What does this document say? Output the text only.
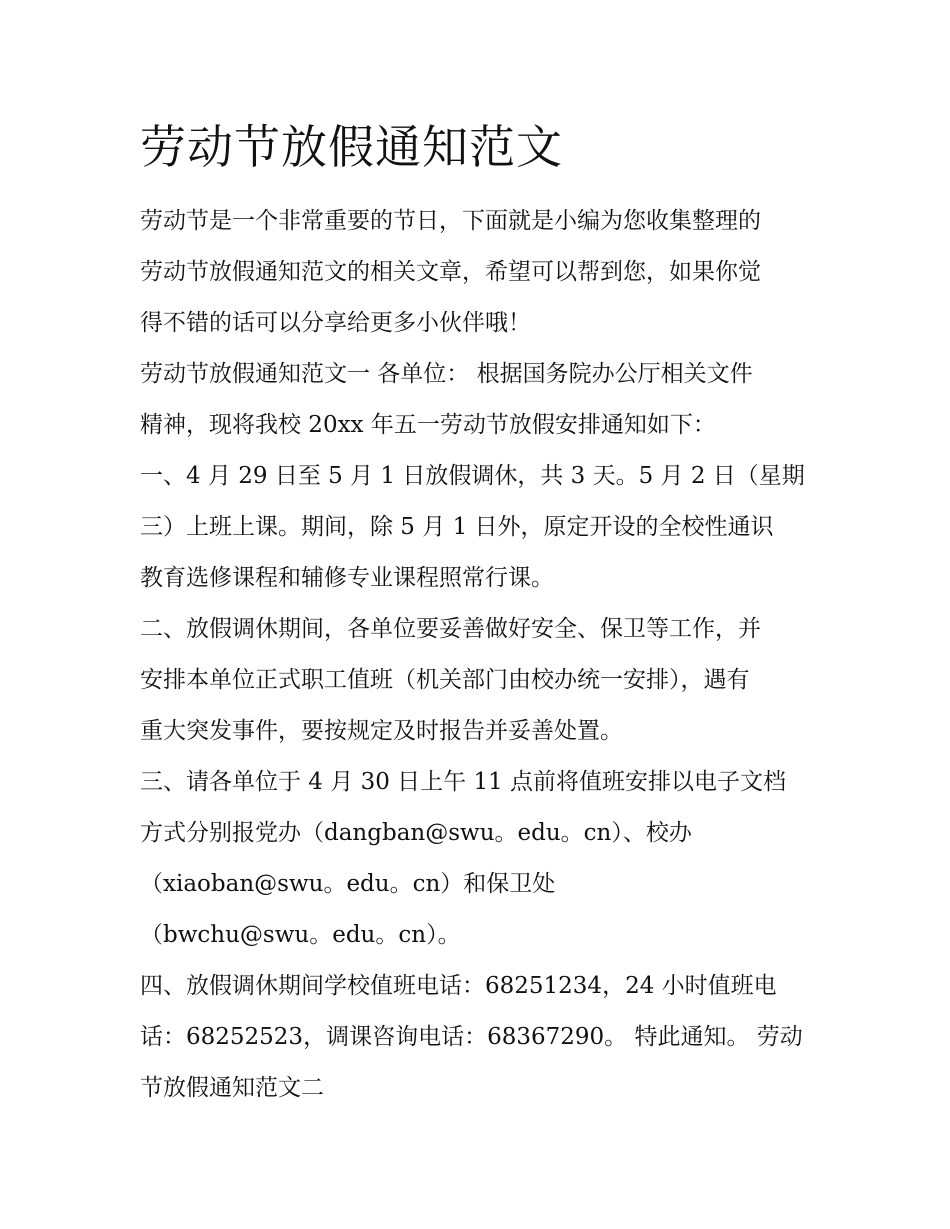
劳动节放假通知范文

劳动节是一个非常重要的节日，下面就是小编为您收集整理的

劳动节放假通知范文的相关文章，希望可以帮到您，如果你觉

得不错的话可以分享给更多小伙伴哦！

劳动节放假通知范文一 各单位： 根据国务院办公厅相关文件

精神，现将我校 20xx 年五一劳动节放假安排通知如下：

一、4 月 29 日至 5 月 1 日放假调休，共 3 天。5 月 2 日（星期

三）上班上课。期间，除 5 月 1 日外，原定开设的全校性通识

教育选修课程和辅修专业课程照常行课。

二、放假调休期间，各单位要妥善做好安全、保卫等工作，并

安排本单位正式职工值班（机关部门由校办统一安排），遇有

重大突发事件，要按规定及时报告并妥善处置。

三、请各单位于 4 月 30 日上午 11 点前将值班安排以电子文档

方式分别报党办（dangban@swu。edu。cn）、校办

（xiaoban@swu。edu。cn）和保卫处

（bwchu@swu。edu。cn）。

四、放假调休期间学校值班电话：68251234，24 小时值班电

话：68252523，调课咨询电话：68367290。 特此通知。 劳动

节放假通知范文二
